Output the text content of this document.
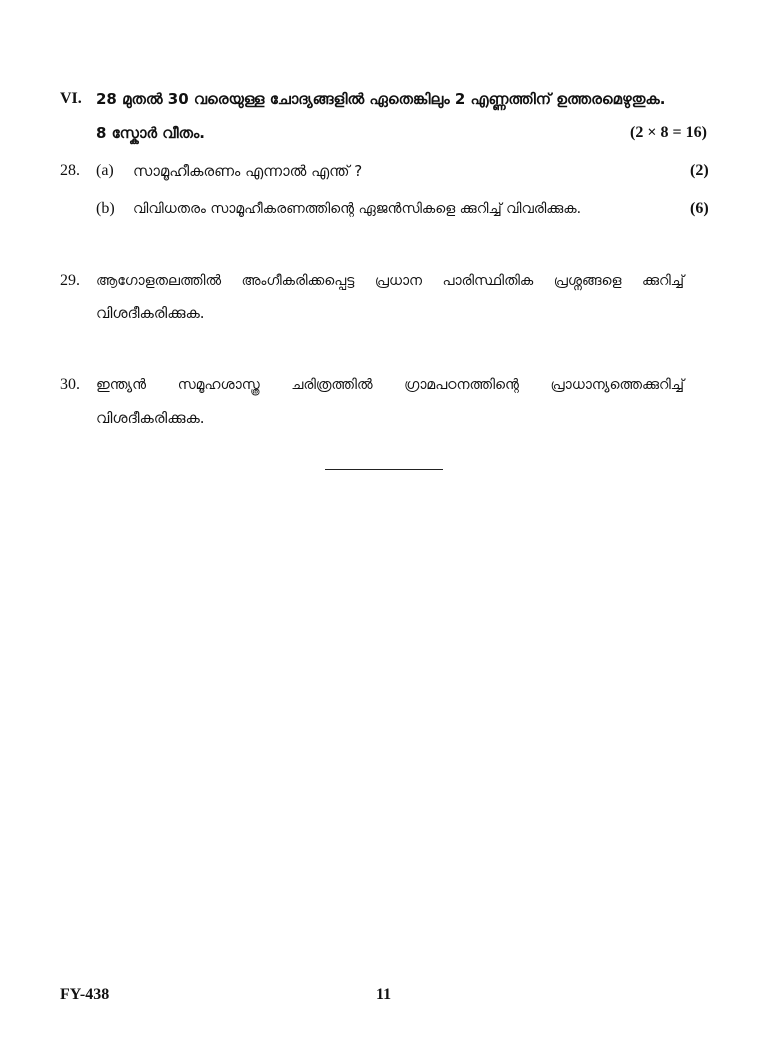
VI. 28 മുതൽ 30 വരെയുള്ള ചോദ്യങ്ങളിൽ ഏതെങ്കിലും 2 എണ്ണത്തിന് ഉത്തരമെഴുതുക.
8 സ്കോർ വീതം.	(2 × 8 = 16)
28. (a) സാമൂഹീകരണം എന്നാൽ എന്ത് ?	(2)
(b) വിവിധതരം സാമൂഹീകരണത്തിന്റെ ഏജൻസികളെ ക്കുറിച്ച് വിവരിക്കുക.	(6)
29. ആഗോളതലത്തിൽ അംഗീകരിക്കപ്പെട്ട പ്രധാന പാരിസ്ഥിതിക പ്രശ്നങ്ങളെ ക്കുറിച്ച്
വിശദീകരിക്കുക.
30. ഇന്ത്യൻ സമൂഹശാസ്ത്ര ചരിത്രത്തിൽ ഗ്രാമപഠനത്തിന്റെ പ്രാധാന്യത്തെക്കുറിച്ച്
വിശദീകരിക്കുക.
FY-438	11
